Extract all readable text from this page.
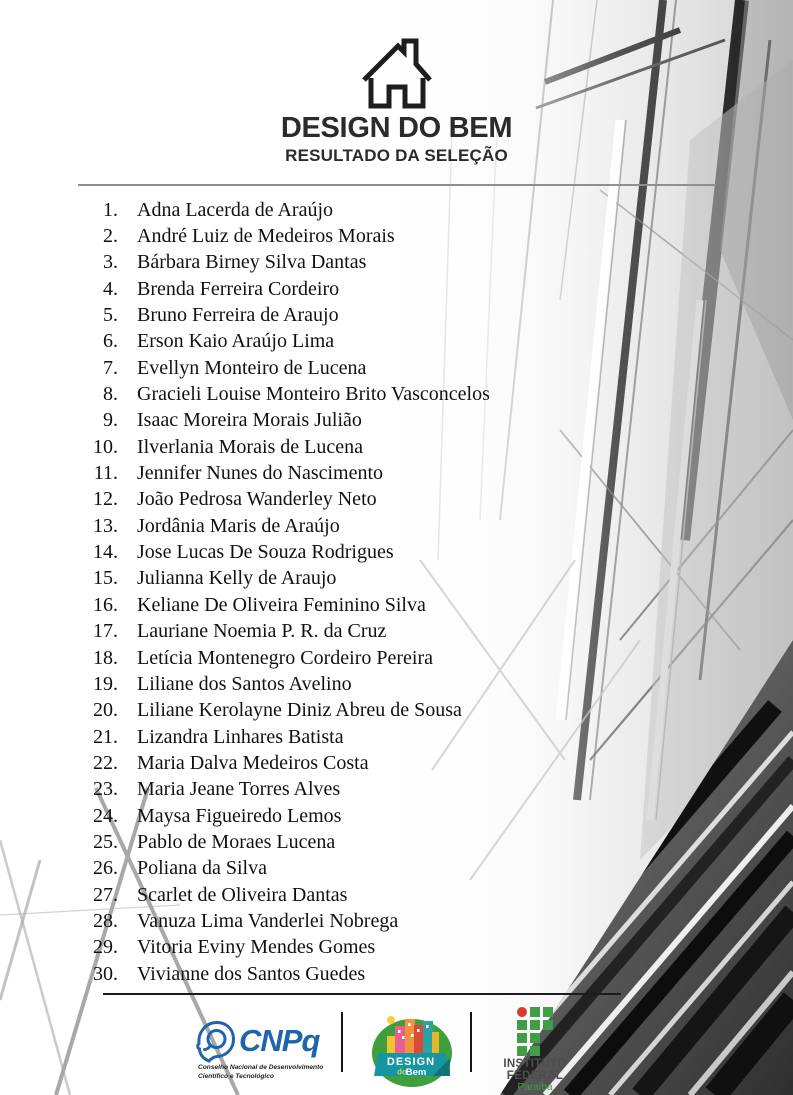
DESIGN DO BEM
RESULTADO DA SELEÇÃO
1. Adna Lacerda de Araújo
2. André Luiz de Medeiros Morais
3. Bárbara Birney Silva Dantas
4. Brenda Ferreira Cordeiro
5. Bruno Ferreira de Araujo
6. Erson Kaio Araújo Lima
7. Evellyn Monteiro de Lucena
8. Gracieli Louise Monteiro Brito Vasconcelos
9. Isaac Moreira Morais Julião
10. Ilverlania Morais de Lucena
11. Jennifer Nunes do Nascimento
12. João Pedrosa Wanderley Neto
13. Jordânia Maris de Araújo
14. Jose Lucas De Souza Rodrigues
15. Julianna Kelly de Araujo
16. Keliane De Oliveira Feminino Silva
17. Lauriane Noemia P. R. da Cruz
18. Letícia Montenegro Cordeiro Pereira
19. Liliane dos Santos Avelino
20. Liliane Kerolayne Diniz Abreu de Sousa
21. Lizandra Linhares Batista
22. Maria Dalva Medeiros Costa
23. Maria Jeane Torres Alves
24. Maysa Figueiredo Lemos
25. Pablo de Moraes Lucena
26. Poliana da Silva
27. Scarlet de Oliveira Dantas
28. Vanuza Lima Vanderlei Nobrega
29. Vitoria Eviny Mendes Gomes
30. Vivianne dos Santos Guedes
CNPq
Conselho Nacional de Desenvolvimento
Científico e Tecnológico
DESIGN
do
Bem
INSTITUTO
FEDERAL
Paraíba
